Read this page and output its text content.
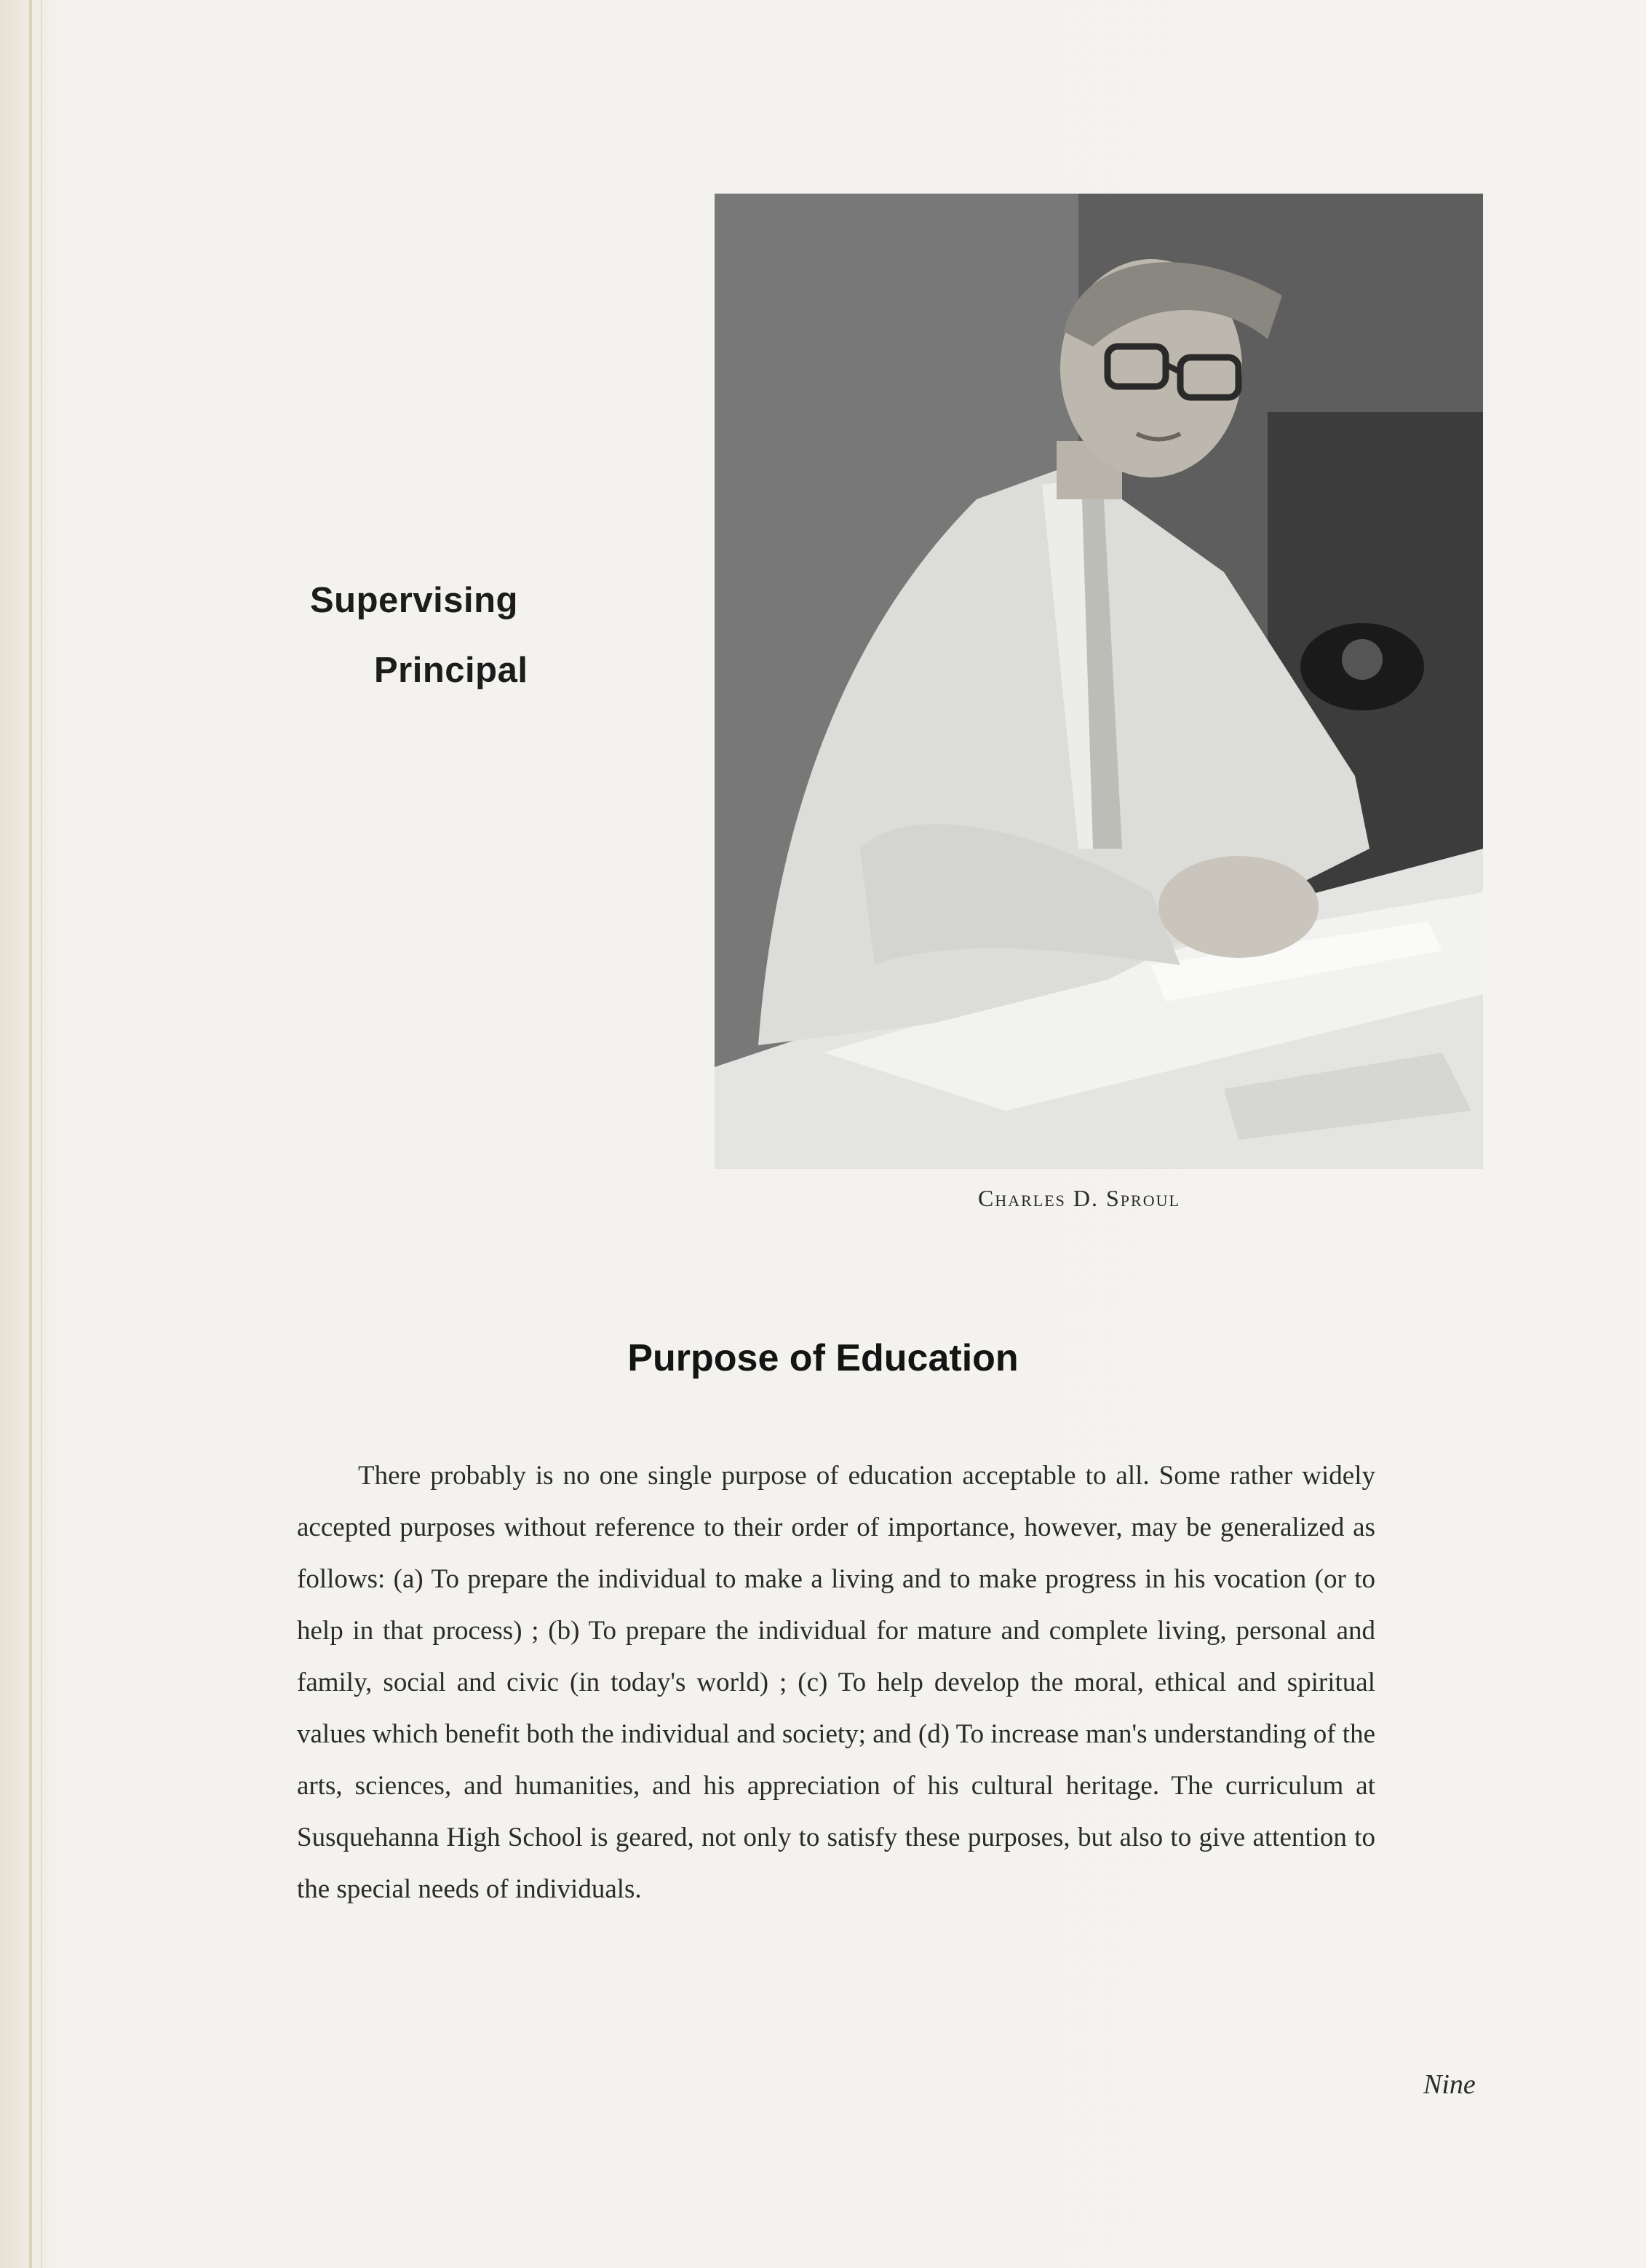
Supervising
Principal

Charles D. Sproul

Purpose of Education

There probably is no one single purpose of education acceptable to all. Some rather widely accepted purposes without reference to their order of importance, however, may be generalized as follows: (a) To prepare the individual to make a living and to make progress in his vocation (or to help in that process) ; (b) To prepare the individual for mature and complete living, personal and family, social and civic (in today's world) ; (c) To help develop the moral, ethical and spiritual values which benefit both the individual and society; and (d) To increase man's understanding of the arts, sciences, and humanities, and his appreciation of his cultural heritage. The curriculum at Susquehanna High School is geared, not only to satisfy these purposes, but also to give attention to the special needs of individuals.

Nine
